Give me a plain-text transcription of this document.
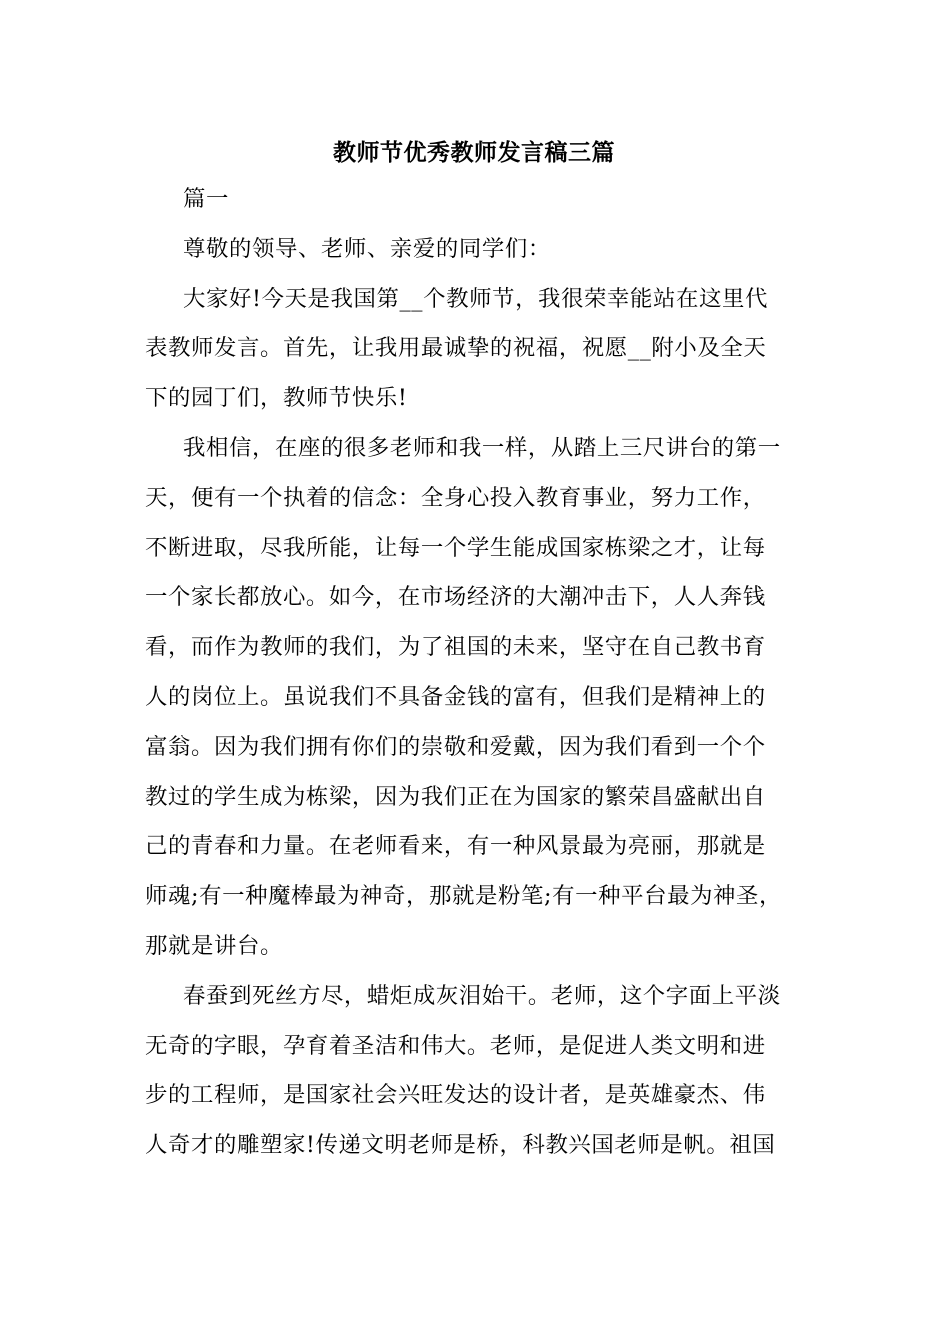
教师节优秀教师发言稿三篇
篇一
尊敬的领导、老师、亲爱的同学们：
大家好!今天是我国第__个教师节，我很荣幸能站在这里代
表教师发言。首先，让我用最诚挚的祝福，祝愿__附小及全天
下的园丁们，教师节快乐!
我相信，在座的很多老师和我一样，从踏上三尺讲台的第一
天，便有一个执着的信念：全身心投入教育事业，努力工作，
不断进取，尽我所能，让每一个学生能成国家栋梁之才，让每
一个家长都放心。如今，在市场经济的大潮冲击下，人人奔钱
看，而作为教师的我们，为了祖国的未来，坚守在自己教书育
人的岗位上。虽说我们不具备金钱的富有，但我们是精神上的
富翁。因为我们拥有你们的崇敬和爱戴，因为我们看到一个个
教过的学生成为栋梁，因为我们正在为国家的繁荣昌盛献出自
己的青春和力量。在老师看来，有一种风景最为亮丽，那就是
师魂;有一种魔棒最为神奇，那就是粉笔;有一种平台最为神圣，
那就是讲台。
春蚕到死丝方尽，蜡炬成灰泪始干。老师，这个字面上平淡
无奇的字眼，孕育着圣洁和伟大。老师，是促进人类文明和进
步的工程师，是国家社会兴旺发达的设计者，是英雄豪杰、伟
人奇才的雕塑家!传递文明老师是桥，科教兴国老师是帆。祖国
